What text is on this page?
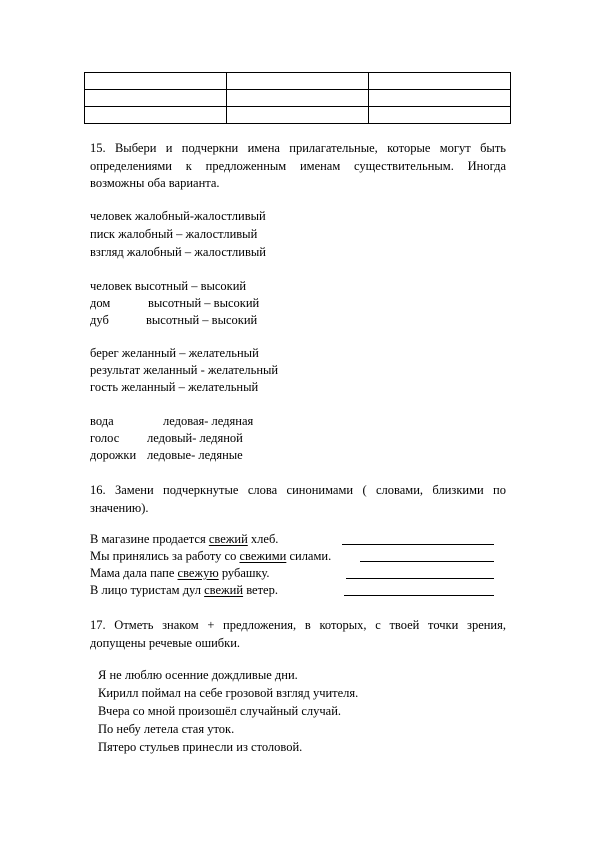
15. Выбери и подчеркни имена прилагательные, которые могут быть определениями к предложенным именам существительным. Иногда возможны оба варианта.
человек жалобный-жалостливый
писк жалобный – жалостливый
взгляд жалобный – жалостливый
человек высотный – высокий
дом	высотный – высокий
дуб	высотный – высокий
берег желанный – желательный
результат желанный - желательный
гость желанный – желательный
вода	ледовая- ледяная
голос ледовый- ледяной
дорожки ледовые- ледяные
16. Замени подчеркнутые слова синонимами ( словами, близкими по значению).
В магазине продается свежий хлеб.
Мы принялись за работу со свежими силами.
Мама дала папе свежую рубашку.
В лицо туристам дул свежий ветер.
17. Отметь знаком + предложения, в которых, с твоей точки зрения, допущены речевые ошибки.
Я не люблю осенние дождливые дни.
Кирилл поймал на себе грозовой взгляд учителя.
Вчера со мной произошёл случайный случай.
По небу летела стая уток.
Пятеро стульев принесли из столовой.
